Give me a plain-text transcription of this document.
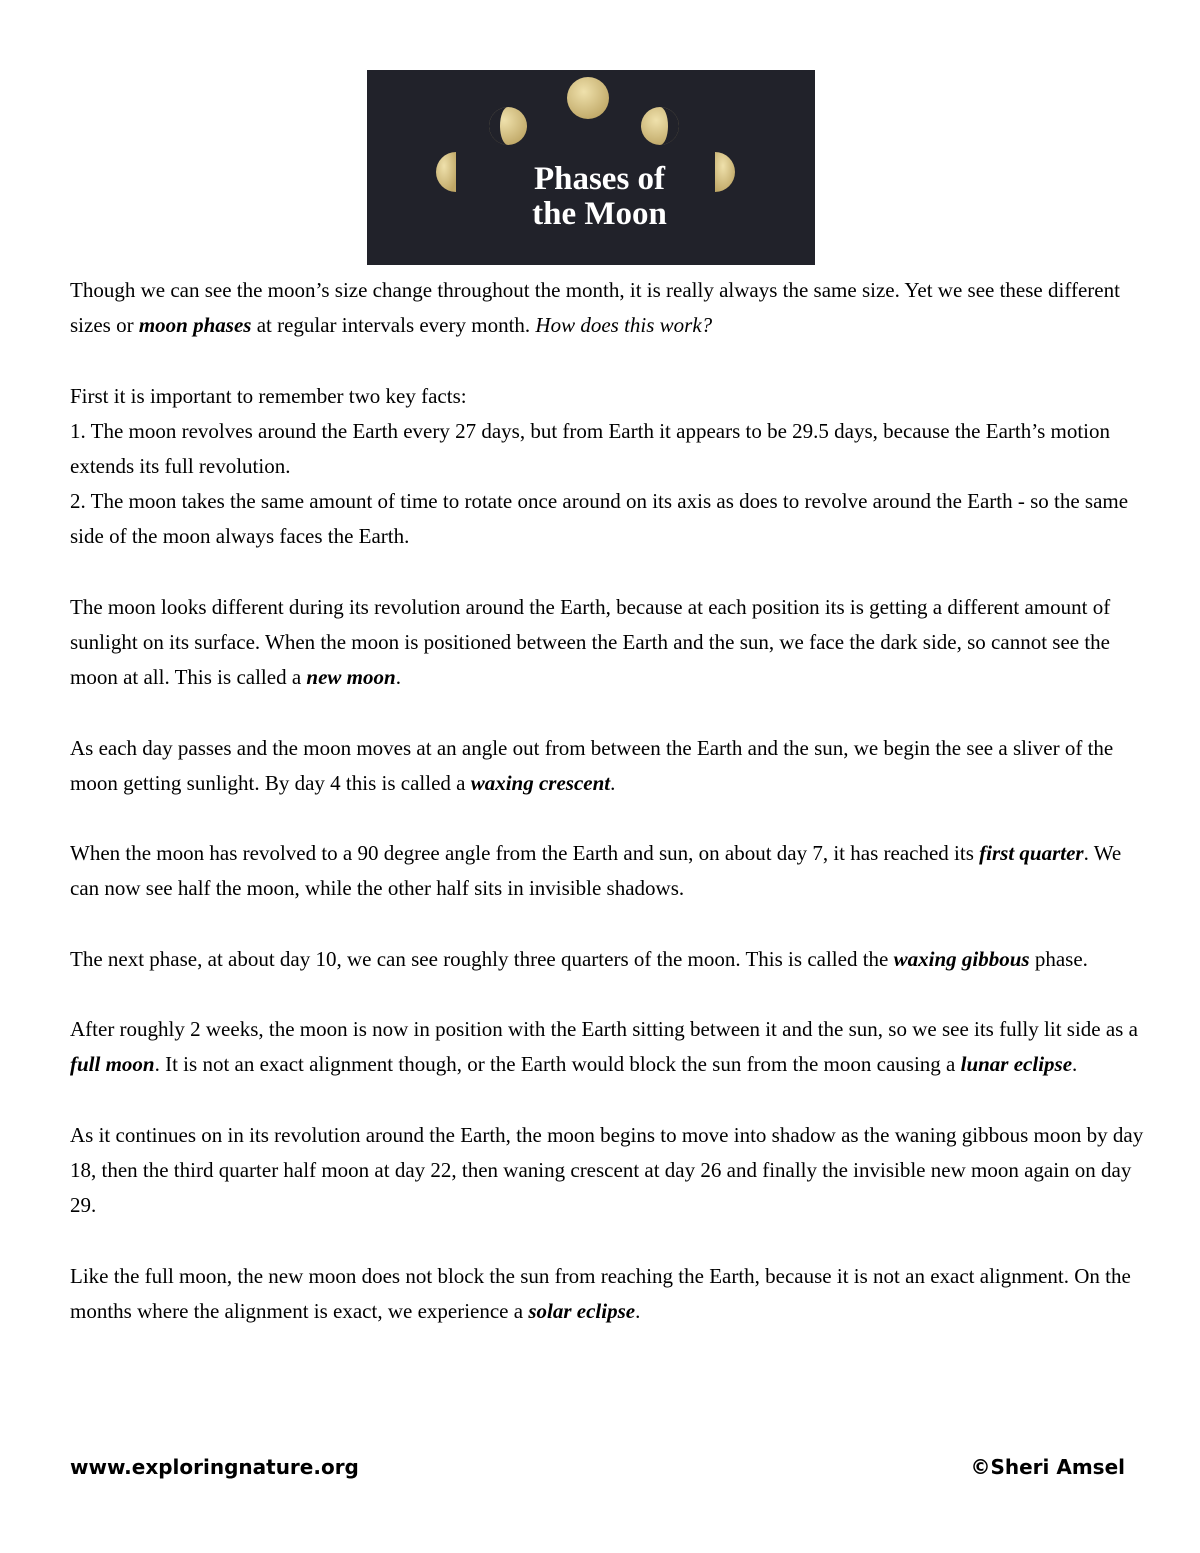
Phases of
the Moon

Though we can see the moon’s size change throughout the month, it is really always the same size. Yet we see these different sizes or moon phases at regular intervals every month. How does this work?

First it is important to remember two key facts:

1. The moon revolves around the Earth every 27 days, but from Earth it appears to be 29.5 days, because the Earth’s motion extends its full revolution.

2. The moon takes the same amount of time to rotate once around on its axis as does to revolve around the Earth - so the same side of the moon always faces the Earth.

The moon looks different during its revolution around the Earth, because at each position its is getting a different amount of sunlight on its surface. When the moon is positioned between the Earth and the sun, we face the dark side, so cannot see the moon at all. This is called a new moon.

As each day passes and the moon moves at an angle out from between the Earth and the sun, we begin the see a sliver of the moon getting sunlight. By day 4 this is called a waxing crescent.

When the moon has revolved to a 90 degree angle from the Earth and sun, on about day 7, it has reached its first quarter. We can now see half the moon, while the other half sits in invisible shadows.

The next phase, at about day 10, we can see roughly three quarters of the moon. This is called the waxing gibbous phase.

After roughly 2 weeks, the moon is now in position with the Earth sitting between it and the sun, so we see its fully lit side as a full moon. It is not an exact alignment though, or the Earth would block the sun from the moon causing a lunar eclipse.

As it continues on in its revolution around the Earth, the moon begins to move into shadow as the waning gibbous moon by day 18, then the third quarter half moon at day 22, then waning crescent at day 26 and finally the invisible new moon again on day 29.

Like the full moon, the new moon does not block the sun from reaching the Earth, because it is not an exact alignment. On the months where the alignment is exact, we experience a solar eclipse.

www.exploringnature.org	©Sheri Amsel
